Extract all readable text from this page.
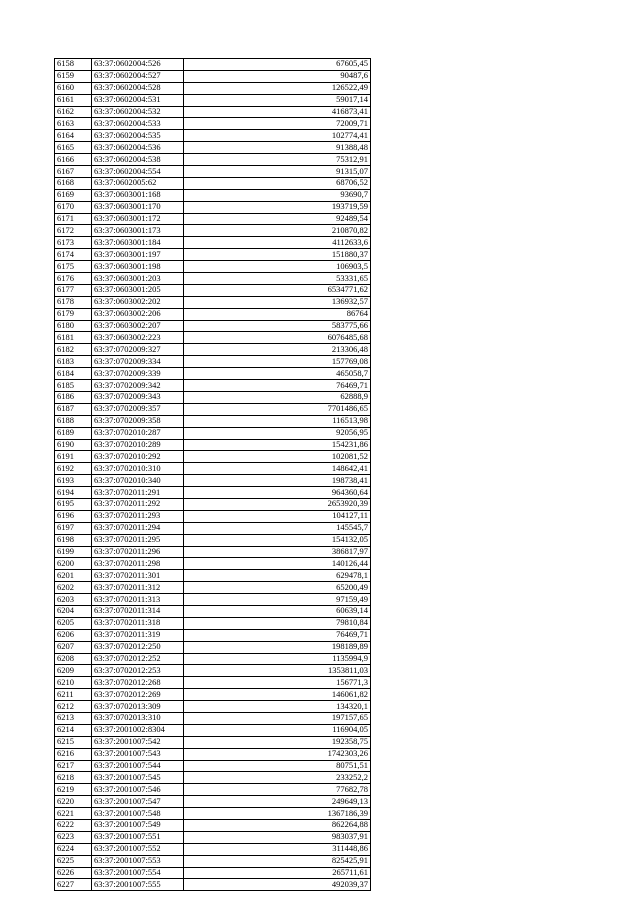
6158	63:37:0602004:526	67605,45
6159	63:37:0602004:527	90487,6
6160	63:37:0602004:528	126522,49
6161	63:37:0602004:531	59017,14
6162	63:37:0602004:532	416873,41
6163	63:37:0602004:533	72009,71
6164	63:37:0602004:535	102774,41
6165	63:37:0602004:536	91388,48
6166	63:37:0602004:538	75312,91
6167	63:37:0602004:554	91315,07
6168	63:37:0602005:62	68706,52
6169	63:37:0603001:168	93690,7
6170	63:37:0603001:170	193719,59
6171	63:37:0603001:172	92489,54
6172	63:37:0603001:173	210870,82
6173	63:37:0603001:184	4112633,6
6174	63:37:0603001:197	151880,37
6175	63:37:0603001:198	106903,5
6176	63:37:0603001:203	53331,65
6177	63:37:0603001:205	6534771,62
6178	63:37:0603002:202	136932,57
6179	63:37:0603002:206	86764
6180	63:37:0603002:207	583775,66
6181	63:37:0603002:223	6076485,68
6182	63:37:0702009:327	213306,48
6183	63:37:0702009:334	157769,08
6184	63:37:0702009:339	465058,7
6185	63:37:0702009:342	76469,71
6186	63:37:0702009:343	62888,9
6187	63:37:0702009:357	7701486,65
6188	63:37:0702009:358	116513,98
6189	63:37:0702010:287	92056,95
6190	63:37:0702010:289	154231,86
6191	63:37:0702010:292	102081,52
6192	63:37:0702010:310	148642,41
6193	63:37:0702010:340	198738,41
6194	63:37:0702011:291	964360,64
6195	63:37:0702011:292	2653920,39
6196	63:37:0702011:293	104127,11
6197	63:37:0702011:294	145545,7
6198	63:37:0702011:295	154132,05
6199	63:37:0702011:296	386817,97
6200	63:37:0702011:298	140126,44
6201	63:37:0702011:301	629478,1
6202	63:37:0702011:312	65200,49
6203	63:37:0702011:313	97159,49
6204	63:37:0702011:314	60639,14
6205	63:37:0702011:318	79810,84
6206	63:37:0702011:319	76469,71
6207	63:37:0702012:250	198189,89
6208	63:37:0702012:252	1135994,9
6209	63:37:0702012:253	1353811,03
6210	63:37:0702012:268	156771,3
6211	63:37:0702012:269	146061,82
6212	63:37:0702013:309	134320,1
6213	63:37:0702013:310	197157,65
6214	63:37:2001002:8304	116904,05
6215	63:37:2001007:542	192358,75
6216	63:37:2001007:543	1742303,26
6217	63:37:2001007:544	80751,51
6218	63:37:2001007:545	233252,2
6219	63:37:2001007:546	77682,78
6220	63:37:2001007:547	249649,13
6221	63:37:2001007:548	1367186,39
6222	63:37:2001007:549	862264,88
6223	63:37:2001007:551	983037,91
6224	63:37:2001007:552	311448,86
6225	63:37:2001007:553	825425,91
6226	63:37:2001007:554	265711,61
6227	63:37:2001007:555	492039,37
